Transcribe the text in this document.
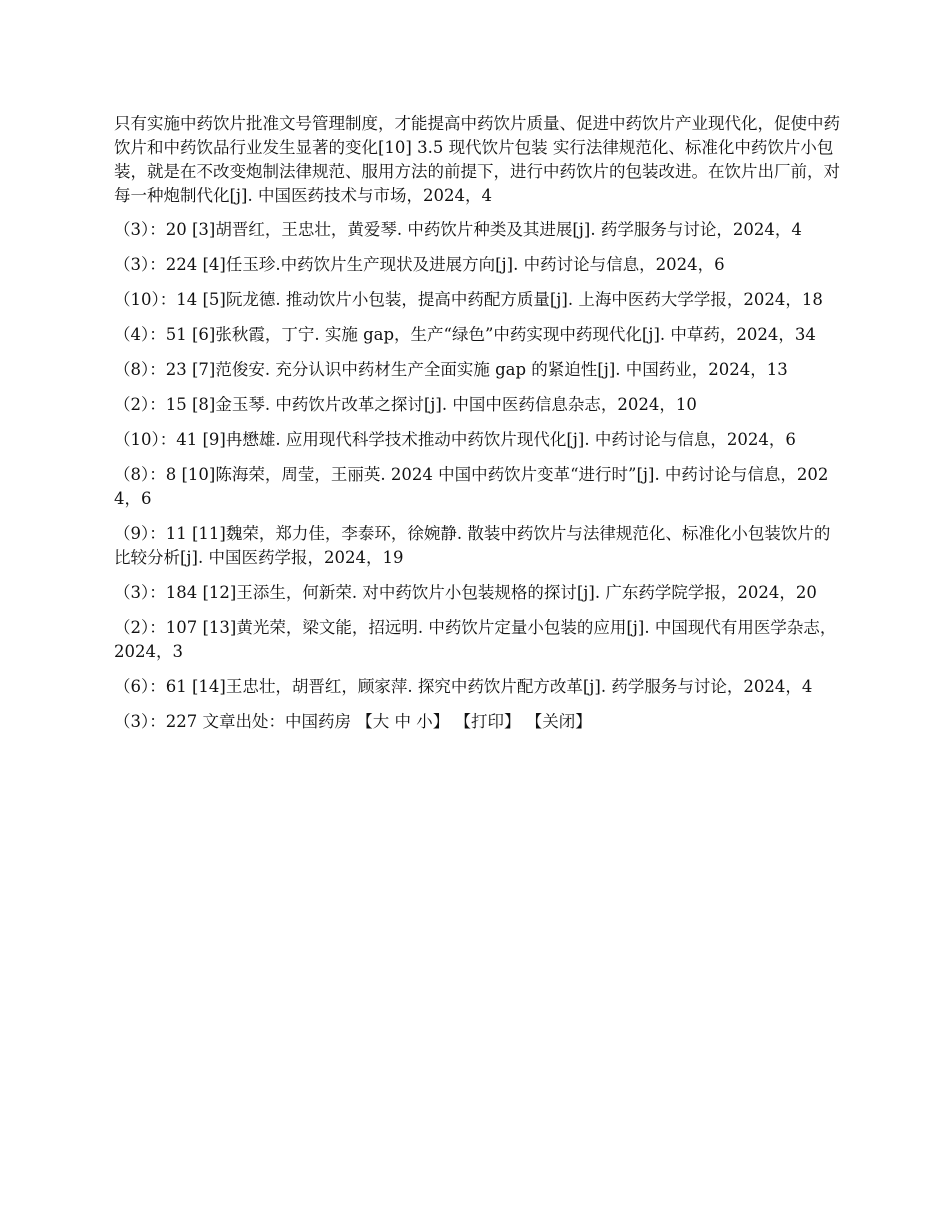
只有实施中药饮片批准文号管理制度，才能提高中药饮片质量、促进中药饮片产业现代化，促使中药饮片和中药饮品行业发生显著的变化[10] 3.5 现代饮片包装 实行法律规范化、标准化中药饮片小包装，就是在不改变炮制法律规范、服用方法的前提下，进行中药饮片的包装改进。在饮片出厂前，对每一种炮制代化[j]. 中国医药技术与市场，2024，4

（3）：20 [3]胡晋红，王忠壮，黄爱琴. 中药饮片种类及其进展[j]. 药学服务与讨论，2024，4

（3）：224 [4]任玉珍.中药饮片生产现状及进展方向[j]. 中药讨论与信息，2024，6

（10）：14 [5]阮龙德. 推动饮片小包装，提高中药配方质量[j]. 上海中医药大学学报，2024，18

（4）：51 [6]张秋霞，丁宁. 实施 gap，生产“绿色”中药实现中药现代化[j]. 中草药，2024，34

（8）：23 [7]范俊安. 充分认识中药材生产全面实施 gap 的紧迫性[j]. 中国药业，2024，13

（2）：15 [8]金玉琴. 中药饮片改革之探讨[j]. 中国中医药信息杂志，2024，10

（10）：41 [9]冉懋雄. 应用现代科学技术推动中药饮片现代化[j]. 中药讨论与信息，2024，6

（8）：8 [10]陈海荣，周莹，王丽英. 2024 中国中药饮片变革“进行时”[j]. 中药讨论与信息，2024，6

（9）：11 [11]魏荣，郑力佳，李泰环，徐婉静. 散装中药饮片与法律规范化、标准化小包装饮片的比较分析[j]. 中国医药学报，2024，19

（3）：184 [12]王添生，何新荣. 对中药饮片小包装规格的探讨[j]. 广东药学院学报，2024，20

（2）：107 [13]黄光荣，梁文能，招远明. 中药饮片定量小包装的应用[j]. 中国现代有用医学杂志， 2024，3

（6）：61 [14]王忠壮，胡晋红，顾家萍. 探究中药饮片配方改革[j]. 药学服务与讨论，2024，4

（3）：227 文章出处：中国药房 【大 中 小】 【打印】 【关闭】
